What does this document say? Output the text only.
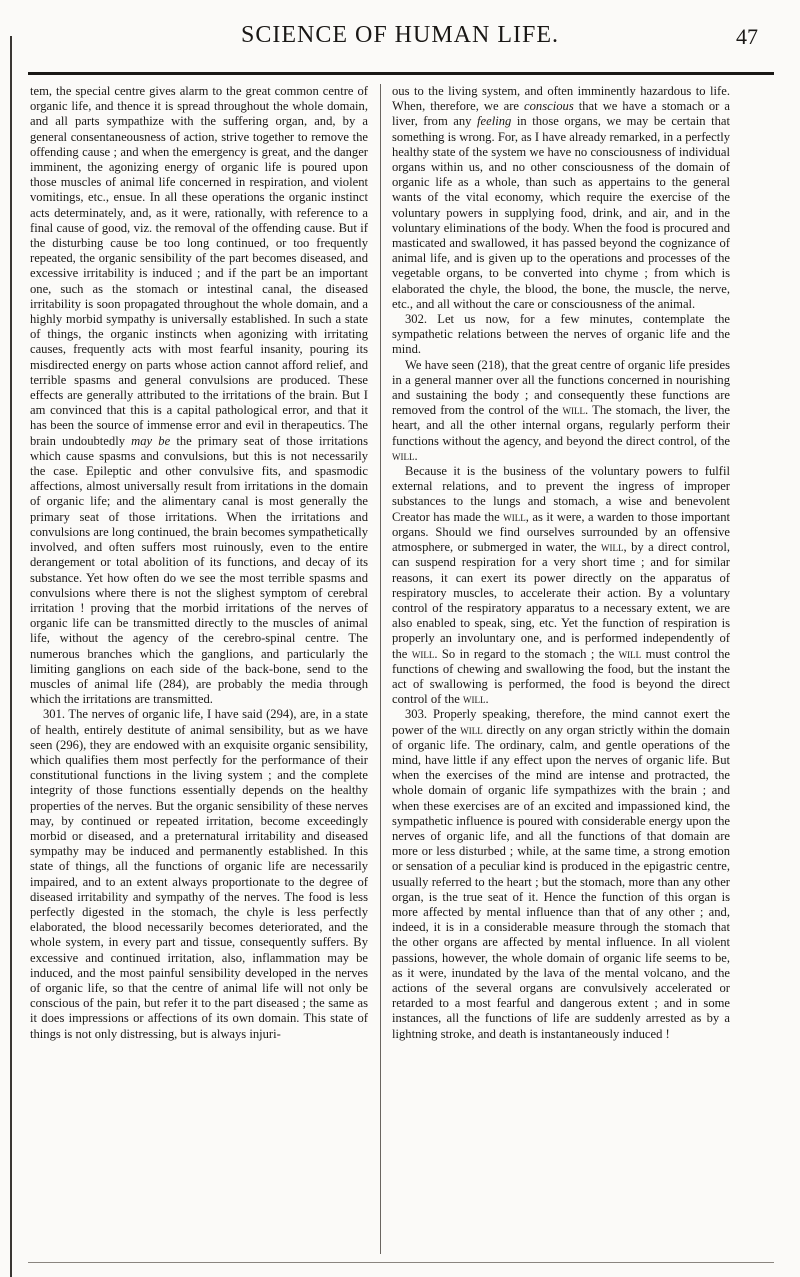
SCIENCE OF HUMAN LIFE.	47

tem, the special centre gives alarm to the great common centre of organic life, and thence it is spread throughout the whole domain, and all parts sympathize with the suffering organ, and, by a general consentaneousness of action, strive together to remove the offending cause ; and when the emergency is great, and the danger imminent, the agonizing energy of organic life is poured upon those muscles of animal life concerned in respiration, and violent vomitings, etc., ensue. In all these operations the organic instinct acts determinately, and, as it were, rationally, with reference to a final cause of good, viz. the removal of the offending cause. But if the disturbing cause be too long continued, or too frequently repeated, the organic sensibility of the part becomes diseased, and excessive irritability is induced ; and if the part be an important one, such as the stomach or intestinal canal, the diseased irritability is soon propagated throughout the whole domain, and a highly morbid sympathy is universally established. In such a state of things, the organic instincts when agonizing with irritating causes, frequently acts with most fearful insanity, pouring its misdirected energy on parts whose action cannot afford relief, and terrible spasms and general convulsions are produced. These effects are generally attributed to the irritations of the brain. But I am convinced that this is a capital pathological error, and that it has been the source of immense error and evil in therapeutics. The brain undoubtedly may be the primary seat of those irritations which cause spasms and convulsions, but this is not necessarily the case. Epileptic and other convulsive fits, and spasmodic affections, almost universally result from irritations in the domain of organic life; and the alimentary canal is most generally the primary seat of those irritations. When the irritations and convulsions are long continued, the brain becomes sympathetically involved, and often suffers most ruinously, even to the entire derangement or total abolition of its functions, and decay of its substance. Yet how often do we see the most terrible spasms and convulsions where there is not the slighest symptom of cerebral irritation ! proving that the morbid irritations of the nerves of organic life can be transmitted directly to the muscles of animal life, without the agency of the cerebro-spinal centre. The numerous branches which the ganglions, and particularly the limiting ganglions on each side of the back-bone, send to the muscles of animal life (284), are probably the media through which the irritations are transmitted.

301. The nerves of organic life, I have said (294), are, in a state of health, entirely destitute of animal sensibility, but as we have seen (296), they are endowed with an exquisite organic sensibility, which qualifies them most perfectly for the performance of their constitutional functions in the living system ; and the complete integrity of those functions essentially depends on the healthy properties of the nerves. But the organic sensibility of these nerves may, by continued or repeated irritation, become exceedingly morbid or diseased, and a preternatural irritability and diseased sympathy may be induced and permanently established. In this state of things, all the functions of organic life are necessarily impaired, and to an extent always proportionate to the degree of diseased irritability and sympathy of the nerves. The food is less perfectly digested in the stomach, the chyle is less perfectly elaborated, the blood necessarily becomes deteriorated, and the whole system, in every part and tissue, consequently suffers. By excessive and continued irritation, also, inflammation may be induced, and the most painful sensibility developed in the nerves of organic life, so that the centre of animal life will not only be conscious of the pain, but refer it to the part diseased ; the same as it does impressions or affections of its own domain. This state of things is not only distressing, but is always injuri-

ous to the living system, and often imminently hazardous to life. When, therefore, we are conscious that we have a stomach or a liver, from any feeling in those organs, we may be certain that something is wrong. For, as I have already remarked, in a perfectly healthy state of the system we have no consciousness of individual organs within us, and no other consciousness of the domain of organic life as a whole, than such as appertains to the general wants of the vital economy, which require the exercise of the voluntary powers in supplying food, drink, and air, and in the voluntary eliminations of the body. When the food is procured and masticated and swallowed, it has passed beyond the cognizance of animal life, and is given up to the operations and processes of the vegetable organs, to be converted into chyme ; from which is elaborated the chyle, the blood, the bone, the muscle, the nerve, etc., and all without the care or consciousness of the animal.

302. Let us now, for a few minutes, contemplate the sympathetic relations between the nerves of organic life and the mind.

We have seen (218), that the great centre of organic life presides in a general manner over all the functions concerned in nourishing and sustaining the body ; and consequently these functions are removed from the control of the will. The stomach, the liver, the heart, and all the other internal organs, regularly perform their functions without the agency, and beyond the direct control, of the will.

Because it is the business of the voluntary powers to fulfil external relations, and to prevent the ingress of improper substances to the lungs and stomach, a wise and benevolent Creator has made the will, as it were, a warden to those important organs. Should we find ourselves surrounded by an offensive atmosphere, or submerged in water, the will, by a direct control, can suspend respiration for a very short time ; and for similar reasons, it can exert its power directly on the apparatus of respiratory muscles, to accelerate their action. By a voluntary control of the respiratory apparatus to a necessary extent, we are also enabled to speak, sing, etc. Yet the function of respiration is properly an involuntary one, and is performed independently of the will. So in regard to the stomach ; the will must control the functions of chewing and swallowing the food, but the instant the act of swallowing is performed, the food is beyond the direct control of the will.

303. Properly speaking, therefore, the mind cannot exert the power of the will directly on any organ strictly within the domain of organic life. The ordinary, calm, and gentle operations of the mind, have little if any effect upon the nerves of organic life. But when the exercises of the mind are intense and protracted, the whole domain of organic life sympathizes with the brain ; and when these exercises are of an excited and impassioned kind, the sympathetic influence is poured with considerable energy upon the nerves of organic life, and all the functions of that domain are more or less disturbed ; while, at the same time, a strong emotion or sensation of a peculiar kind is produced in the epigastric centre, usually referred to the heart ; but the stomach, more than any other organ, is the true seat of it. Hence the function of this organ is more affected by mental influence than that of any other ; and, indeed, it is in a considerable measure through the stomach that the other organs are affected by mental influence. In all violent passions, however, the whole domain of organic life seems to be, as it were, inundated by the lava of the mental volcano, and the actions of the several organs are convulsively accelerated or retarded to a most fearful and dangerous extent ; and in some instances, all the functions of life are suddenly arrested as by a lightning stroke, and death is instantaneously induced !
